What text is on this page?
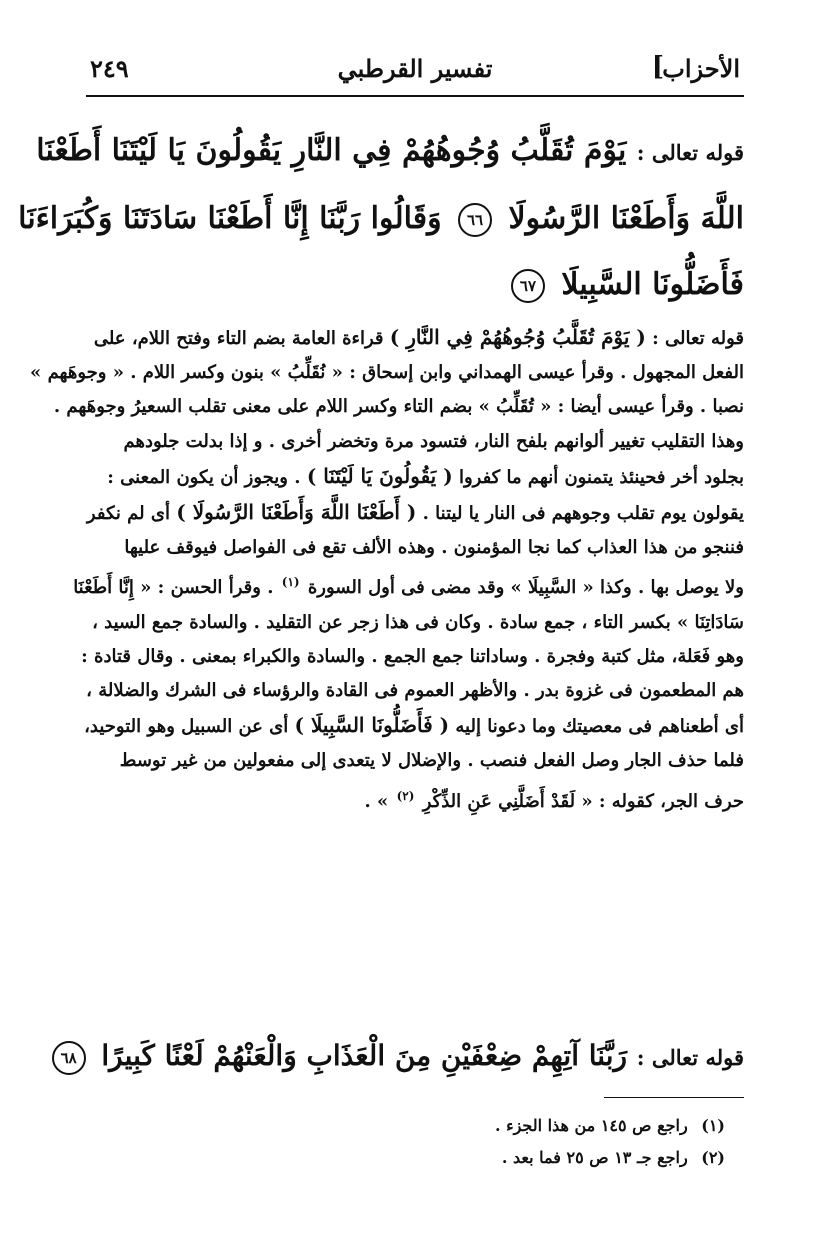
الأحزاب
]
تفسير القرطبي
٢٤٩
قوله تعالى : يَوْمَ تُقَلَّبُ وُجُوهُهُمْ فِي النَّارِ يَقُولُونَ يَا لَيْتَنَا أَطَعْنَا
اللَّهَ وَأَطَعْنَا الرَّسُولَا ٦٦ وَقَالُوا رَبَّنَا إِنَّا أَطَعْنَا سَادَتَنَا وَكُبَرَاءَنَا
فَأَضَلُّونَا السَّبِيلَا ٦٧
قوله تعالى : ( يَوْمَ تُقَلَّبُ وُجُوهُهُمْ فِي النَّارِ ) قراءة العامة بضم التاء وفتح اللام، على
الفعل المجهول . وقرأ عيسى الهمداني وابن إسحاق : « نُقَلِّبُ » بنون وكسر اللام . « وجوهَهم »
نصبا . وقرأ عيسى أيضا : « تُقَلِّبُ » بضم التاء وكسر اللام على معنى تقلب السعيرُ وجوهَهم .
وهذا التقليب تغيير ألوانهم بلفح النار، فتسود مرة وتخضر أخرى . و إذا بدلت جلودهم
بجلود أخر فحينئذ يتمنون أنهم ما كفروا ( يَقُولُونَ يَا لَيْتَنَا ) . ويجوز أن يكون المعنى :
يقولون يوم تقلب وجوههم فى النار يا ليتنا . ( أَطَعْنَا اللَّهَ وَأَطَعْنَا الرَّسُولَا ) أى لم نكفر
فننجو من هذا العذاب كما نجا المؤمنون . وهذه الألف تقع فى الفواصل فيوقف عليها
ولا يوصل بها . وكذا « السَّبِيلَا » وقد مضى فى أول السورة $^{(١)}$ . وقرأ الحسن : « إِنَّا أَطَعْنَا
سَادَاتِنَا » بكسر التاء ، جمع سادة . وكان فى هذا زجر عن التقليد . والسادة جمع السيد ،
وهو فَعَلة، مثل كتبة وفجرة . وساداتنا جمع الجمع . والسادة والكبراء بمعنى . وقال قتادة :
هم المطعمون فى غزوة بدر . والأظهر العموم فى القادة والرؤساء فى الشرك والضلالة ،
أى أطعناهم فى معصيتك وما دعونا إليه ( فَأَضَلُّونَا السَّبِيلَا ) أى عن السبيل وهو التوحيد،
فلما حذف الجار وصل الفعل فنصب . والإضلال لا يتعدى إلى مفعولين من غير توسط
حرف الجر، كقوله : « لَقَدْ أَضَلَّنِي عَنِ الذِّكْرِ $^{(٢)}$ » .
قوله تعالى : رَبَّنَا آتِهِمْ ضِعْفَيْنِ مِنَ الْعَذَابِ وَالْعَنْهُمْ لَعْنًا كَبِيرًا ٦٨
(١) راجع ص ١٤٥ من هذا الجزء .
(٢) راجع جـ ١٣ ص ٢٥ فما بعد .
